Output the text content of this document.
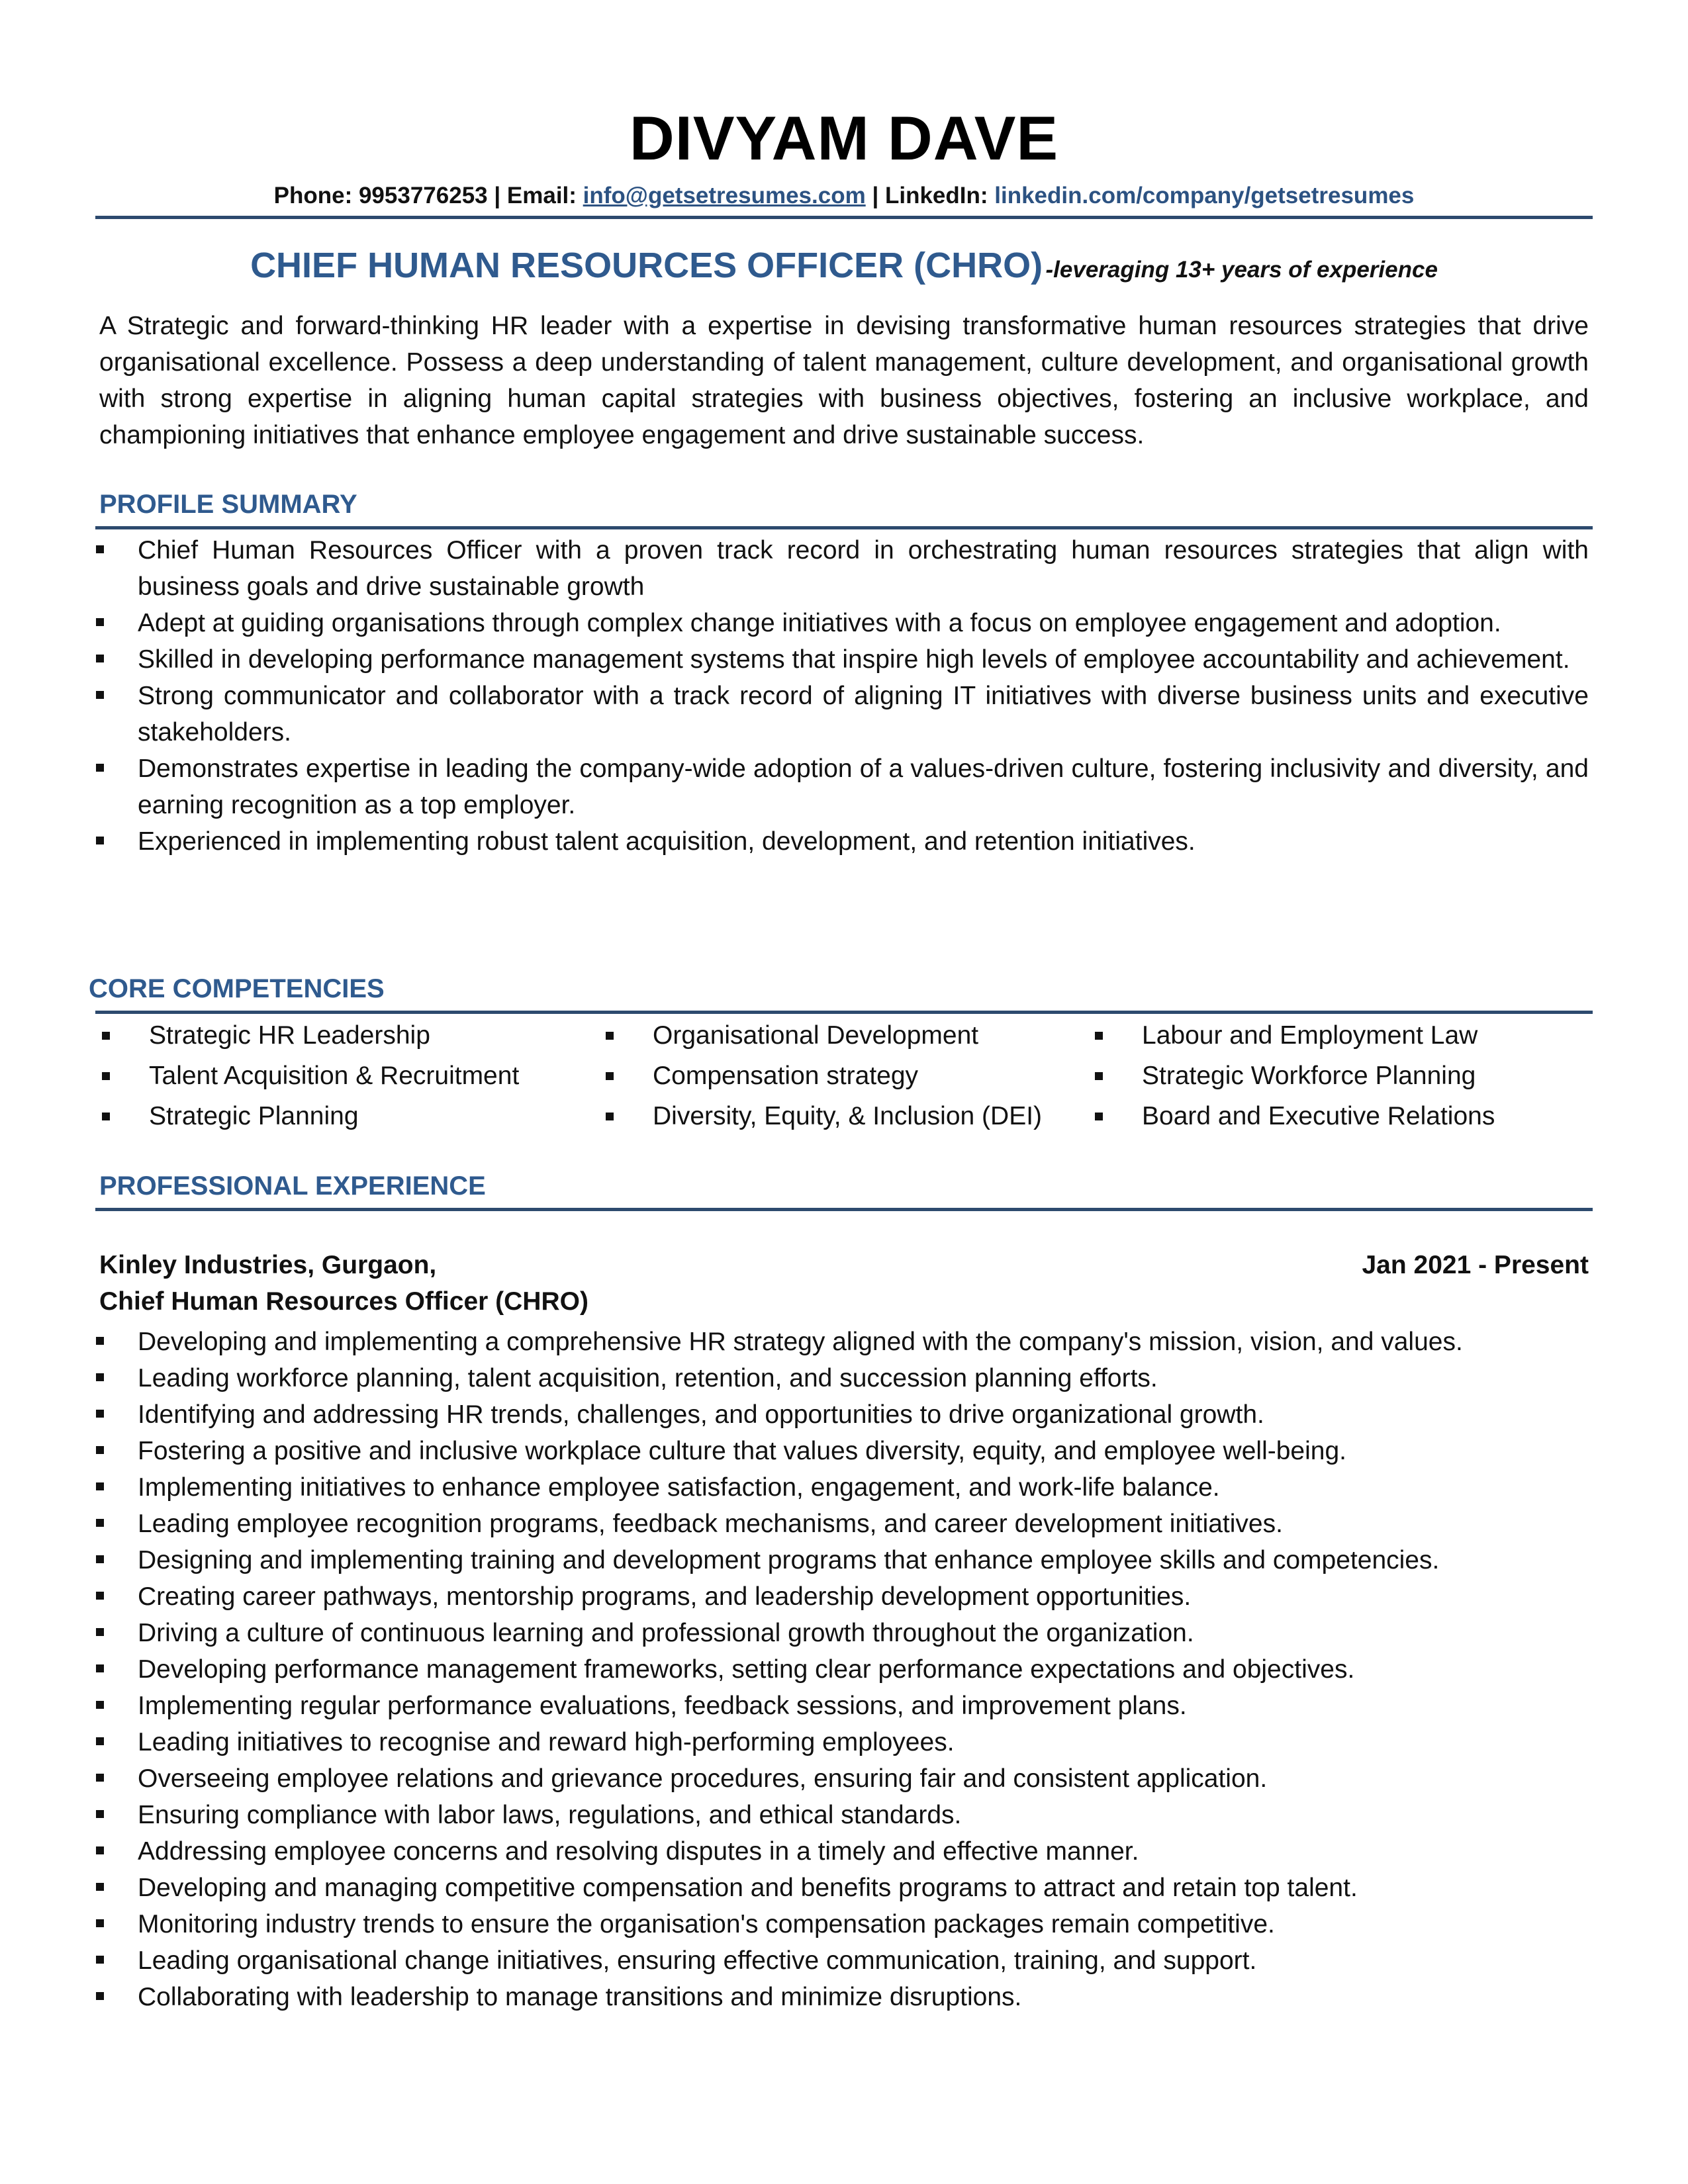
DIVYAM DAVE
Phone: 9953776253 | Email: info@getsetresumes.com | LinkedIn: linkedin.com/company/getsetresumes
CHIEF HUMAN RESOURCES OFFICER (CHRO) -leveraging 13+ years of experience

A Strategic and forward-thinking HR leader with a expertise in devising transformative human resources strategies that drive organisational excellence. Possess a deep understanding of talent management, culture development, and organisational growth with strong expertise in aligning human capital strategies with business objectives, fostering an inclusive workplace, and championing initiatives that enhance employee engagement and drive sustainable success.

PROFILE SUMMARY
Chief Human Resources Officer with a proven track record in orchestrating human resources strategies that align with business goals and drive sustainable growth
Adept at guiding organisations through complex change initiatives with a focus on employee engagement and adoption.
Skilled in developing performance management systems that inspire high levels of employee accountability and achievement.
Strong communicator and collaborator with a track record of aligning IT initiatives with diverse business units and executive stakeholders.
Demonstrates expertise in leading the company-wide adoption of a values-driven culture, fostering inclusivity and diversity, and earning recognition as a top employer.
Experienced in implementing robust talent acquisition, development, and retention initiatives.
CORE COMPETENCIES
Strategic HR Leadership
Talent Acquisition & Recruitment
Strategic Planning
Organisational Development
Compensation strategy
Diversity, Equity, & Inclusion (DEI)
Labour and Employment Law
Strategic Workforce Planning
Board and Executive Relations
PROFESSIONAL EXPERIENCE
Kinley Industries, Gurgaon,	Jan 2021 - Present
Chief Human Resources Officer (CHRO)
Developing and implementing a comprehensive HR strategy aligned with the company's mission, vision, and values.
Leading workforce planning, talent acquisition, retention, and succession planning efforts.
Identifying and addressing HR trends, challenges, and opportunities to drive organizational growth.
Fostering a positive and inclusive workplace culture that values diversity, equity, and employee well-being.
Implementing initiatives to enhance employee satisfaction, engagement, and work-life balance.
Leading employee recognition programs, feedback mechanisms, and career development initiatives.
Designing and implementing training and development programs that enhance employee skills and competencies.
Creating career pathways, mentorship programs, and leadership development opportunities.
Driving a culture of continuous learning and professional growth throughout the organization.
Developing performance management frameworks, setting clear performance expectations and objectives.
Implementing regular performance evaluations, feedback sessions, and improvement plans.
Leading initiatives to recognise and reward high-performing employees.
Overseeing employee relations and grievance procedures, ensuring fair and consistent application.
Ensuring compliance with labor laws, regulations, and ethical standards.
Addressing employee concerns and resolving disputes in a timely and effective manner.
Developing and managing competitive compensation and benefits programs to attract and retain top talent.
Monitoring industry trends to ensure the organisation's compensation packages remain competitive.
Leading organisational change initiatives, ensuring effective communication, training, and support.
Collaborating with leadership to manage transitions and minimize disruptions.
